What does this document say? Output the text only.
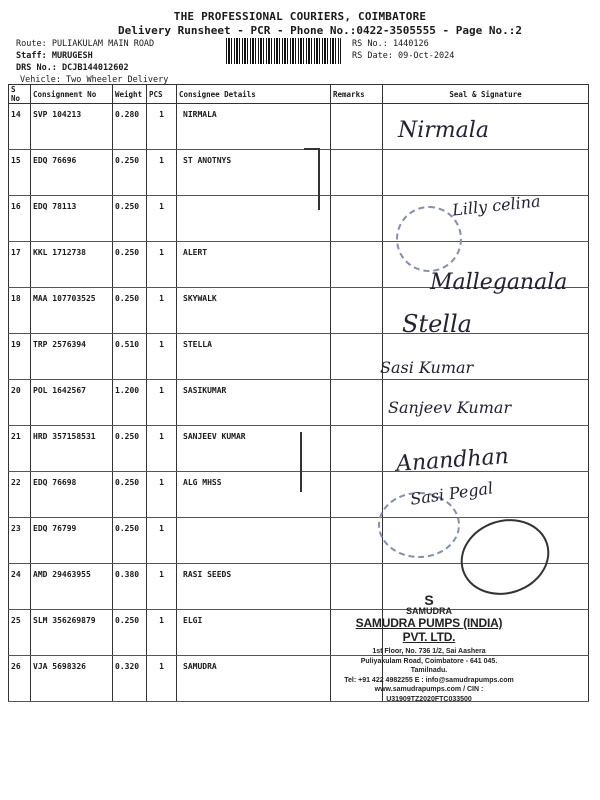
THE PROFESSIONAL COURIERS, COIMBATORE
Delivery Runsheet - PCR - Phone No.:0422-3505555 - Page No.:2
Route: PULIAKULAM MAIN ROAD
Staff: MURUGESH
DRS No.: DCJB144012602
Vehicle: Two Wheeler Delivery
RS No.: 1440126
RS Date: 09-Oct-2024
S No	Consignment No	Weight	PCS	Consignee Details	Remarks	Seal & Signature
14	SVP 104213	0.280	1	NIRMALA		
15	EDQ 76696	0.250	1	ST ANOTNYS		
16	EDQ 78113	0.250	1			
17	KKL 1712738	0.250	1	ALERT		
18	MAA 107703525	0.250	1	SKYWALK		
19	TRP 2576394	0.510	1	STELLA		
20	POL 1642567	1.200	1	SASIKUMAR		
21	HRD 357158531	0.250	1	SANJEEV KUMAR		
22	EDQ 76698	0.250	1	ALG MHSS		
23	EDQ 76799	0.250	1			
24	AMD 29463955	0.380	1	RASI SEEDS		
25	SLM 356269879	0.250	1	ELGI		
26	VJA 5698326	0.320	1	SAMUDRA		
Nirmala
Lilly celina
Malleganala
Stella
Sasi Kumar
Sanjeev Kumar
Anandhan
Sasi Pegal
S
SAMUDRA
SAMUDRA PUMPS (INDIA) PVT. LTD.
1st Floor, No. 736 1/2, Sai Aashera
Puliyakulam Road, Coimbatore - 641 045. Tamilnadu.
Tel: +91 422 4982255 E : info@samudrapumps.com
www.samudrapumps.com / CIN : U31909TZ2020FTC033500
